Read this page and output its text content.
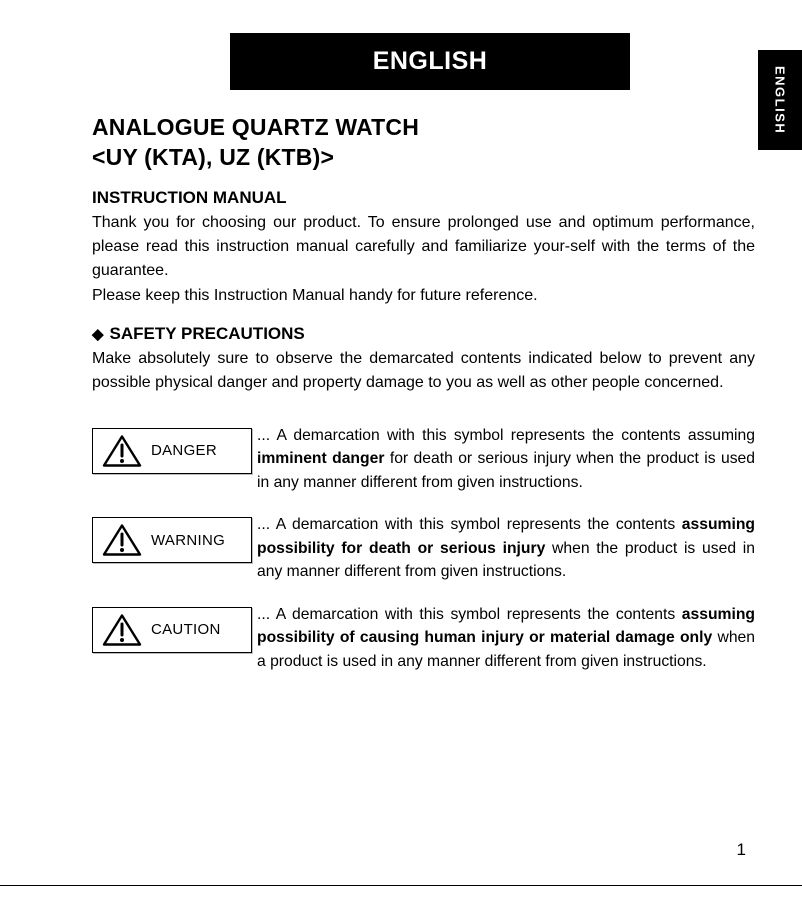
ENGLISH
ENGLISH
ANALOGUE QUARTZ WATCH
<UY (KTA), UZ (KTB)>
INSTRUCTION MANUAL

Thank you for choosing our product. To ensure prolonged use and optimum performance, please read this instruction manual carefully and familiarize your-self with the terms of the guarantee.

Please keep this Instruction Manual handy for future reference.

◆ SAFETY PRECAUTIONS

Make absolutely sure to observe the demarcated contents indicated below to prevent any possible physical danger and property damage to you as well as other people concerned.

DANGER

... A demarcation with this symbol represents the contents assuming imminent danger for death or serious injury when the product is used in any manner different from given instructions.

WARNING

... A demarcation with this symbol represents the contents assuming possibility for death or serious injury when the product is used in any manner different from given instructions.

CAUTION

... A demarcation with this symbol represents the contents assuming possibility of causing human injury or material damage only when a product is used in any manner different from given instructions.

1
